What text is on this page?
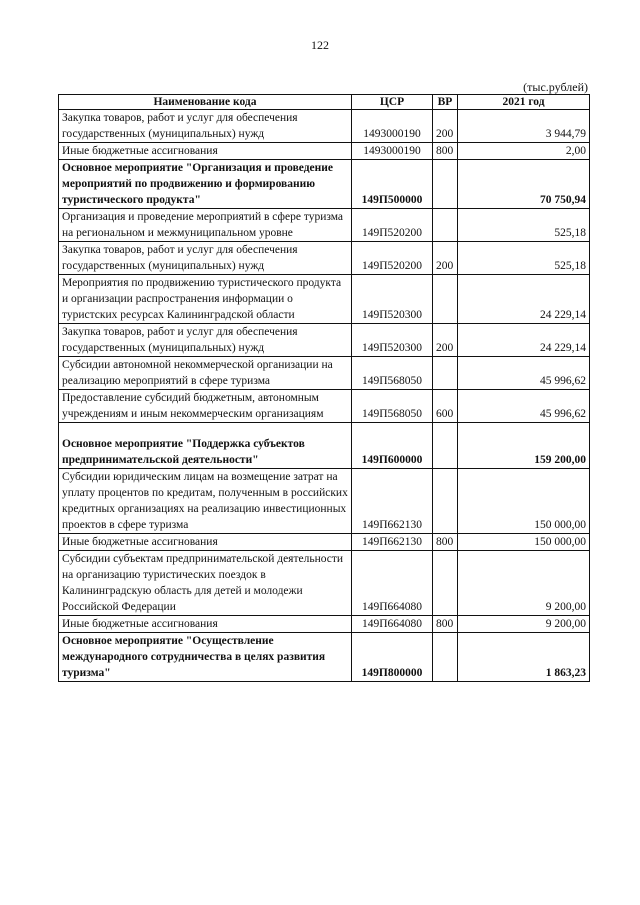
122
(тыс.рублей)
Наименование кода	ЦСР	ВР	2021 год
Закупка товаров, работ и услуг для обеспечения государственных (муниципальных) нужд	1493000190	200	3 944,79
Иные бюджетные ассигнования	1493000190	800	2,00
Основное мероприятие "Организация и проведение мероприятий по продвижению и формированию туристического продукта"	149П500000		70 750,94
Организация и проведение мероприятий в сфере туризма на региональном и межмуниципальном уровне	149П520200		525,18
Закупка товаров, работ и услуг для обеспечения государственных (муниципальных) нужд	149П520200	200	525,18
Мероприятия по продвижению туристического продукта и организации распространения информации о туристских ресурсах Калининградской области	149П520300		24 229,14
Закупка товаров, работ и услуг для обеспечения государственных (муниципальных) нужд	149П520300	200	24 229,14
Субсидии автономной некоммерческой организации на реализацию мероприятий в сфере туризма	149П568050		45 996,62
Предоставление субсидий бюджетным, автономным учреждениям и иным некоммерческим организациям	149П568050	600	45 996,62
Основное мероприятие "Поддержка субъектов предпринимательской деятельности"	149П600000		159 200,00
Субсидии юридическим лицам на возмещение затрат на уплату процентов по кредитам, полученным в российских кредитных организациях на реализацию инвестиционных проектов в сфере туризма	149П662130		150 000,00
Иные бюджетные ассигнования	149П662130	800	150 000,00
Субсидии субъектам предпринимательской деятельности на организацию туристических поездок в Калининградскую область для детей и молодежи Российской Федерации	149П664080		9 200,00
Иные бюджетные ассигнования	149П664080	800	9 200,00
Основное мероприятие "Осуществление международного сотрудничества в целях развития туризма"	149П800000		1 863,23
